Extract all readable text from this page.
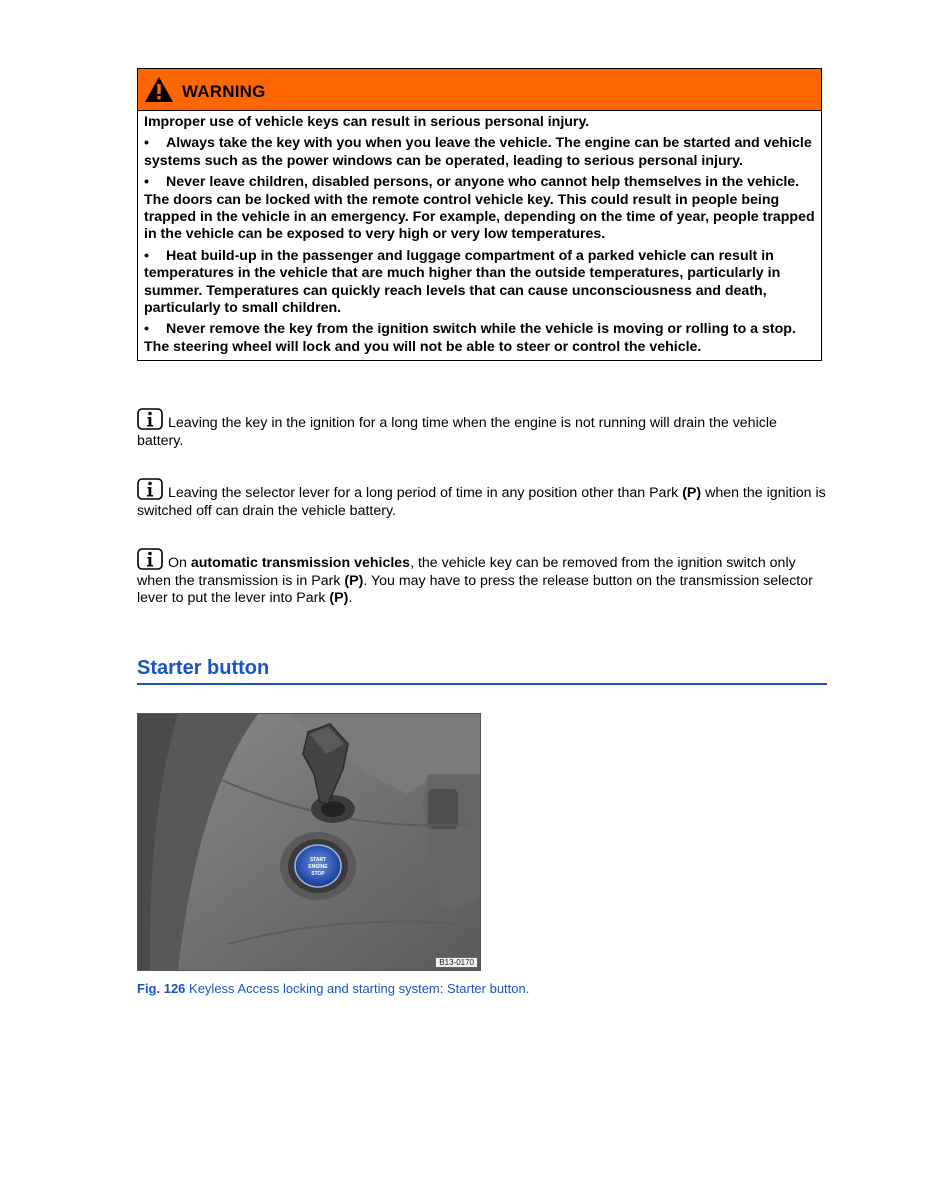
WARNING
Improper use of vehicle keys can result in serious personal injury.
• Always take the key with you when you leave the vehicle. The engine can be started and vehicle systems such as the power windows can be operated, leading to serious personal injury.
• Never leave children, disabled persons, or anyone who cannot help themselves in the vehicle. The doors can be locked with the remote control vehicle key. This could result in people being trapped in the vehicle in an emergency. For example, depending on the time of year, people trapped in the vehicle can be exposed to very high or very low temperatures.
• Heat build-up in the passenger and luggage compartment of a parked vehicle can result in temperatures in the vehicle that are much higher than the outside temperatures, particularly in summer. Temperatures can quickly reach levels that can cause unconsciousness and death, particularly to small children.
• Never remove the key from the ignition switch while the vehicle is moving or rolling to a stop. The steering wheel will lock and you will not be able to steer or control the vehicle.
Leaving the key in the ignition for a long time when the engine is not running will drain the vehicle battery.
Leaving the selector lever for a long period of time in any position other than Park (P) when the ignition is switched off can drain the vehicle battery.
On automatic transmission vehicles, the vehicle key can be removed from the ignition switch only when the transmission is in Park (P). You may have to press the release button on the transmission selector lever to put the lever into Park (P).
Starter button
START
ENGINE
STOP
B13-0170
Fig. 126 Keyless Access locking and starting system: Starter button.
